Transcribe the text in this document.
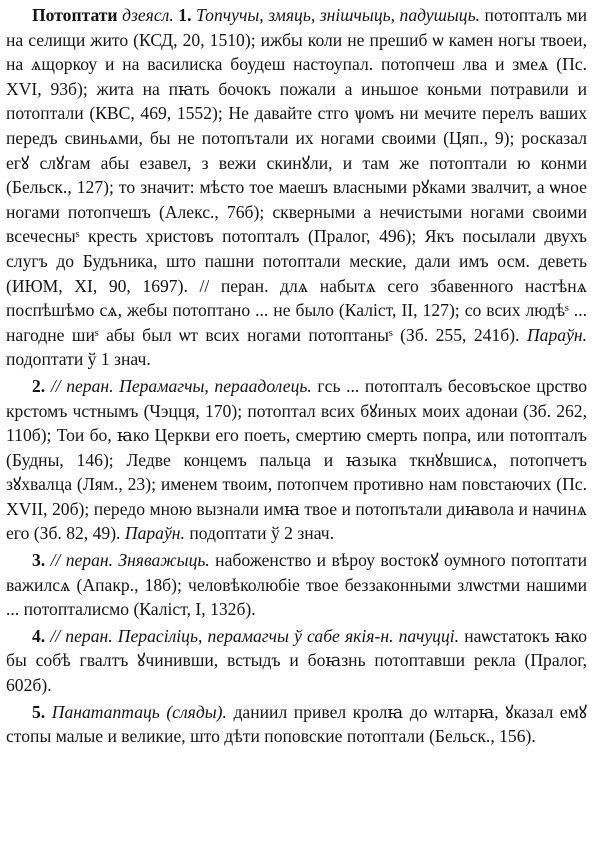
Потоптати дзеясл. 1. Топчучы, змяць, знішчыць, падушыць. потопталъ ми на селищи жито (КСД, 20, 1510); ижбы коли не прешиб ѡ камен ногы твоеи, на ѧщоркоу и на василиска боудеш настоупал. потопчеш лва и змеѧ (Пс. XVI, 93б); жита на пꙗть бочокъ пожали а иньшое коньми потравили и потоптали (КВС, 469, 1552); Не давайте стго ѱомъ ни мечите перелъ ваших передъ свиньѧми, бы не потопътали их ногами своими (Цяп., 9); росказал егꙋ слꙋгам абы езавел, з вежи скинꙋли, и там же потоптали ю конми (Бельск., 127); то значит: мѣсто тое маешъ власными рꙋками звалчит, а ѡное ногами потопчешъ (Алекс., 76б); скверными а нечистыми ногами своими всечесныˢ кресть христовъ потопталъ (Пралог, 496); Якъ посылали двухъ слугъ до Будъника, што пашни потоптали меские, дали имъ осм. деветь (ИЮМ, XI, 90, 1697). // перан. длѧ набытѧ сего збавенного настѣнѧ поспѣшѣмо сѧ, жебы потоптано ... не было (Каліст, II, 127); со всих людѣˢ ... нагодне шиˢ абы был ѡт всих ногами потоптаныˢ (Зб. 255, 241б). Параўн. подоптати ў 1 знач.

2. // перан. Перамагчы, пераадолець. гсь ... потопталъ бесовъское црство крстомъ чстнымъ (Чэцця, 170); потоптал всих бꙋиных моих адонаи (Зб. 262, 110б); Тои бо, ꙗко Церкви его поеть, смертию смерть попра, или потопталъ (Будны, 146); Ледве концемъ пальца и ꙗзыка ткнꙋвшисѧ, потопчетъ зꙋхвалца (Лям., 23); именем твоим, потопчем противно нам повстаючих (Пс. XVII, 20б); передо мною вызнали имꙗ твое и потопътали диꙗвола и начинѧ его (Зб. 82, 49). Параўн. подоптати ў 2 знач.

3. // перан. Зняважыць. набоженство и вѣроу востокꙋ оумного потоптати важилсѧ (Апакр., 18б); человѣколюбіе твое беззаконными злѡстми нашими ... потопталисмо (Каліст, I, 132б).

4. // перан. Перасіліць, перамагчы ў сабе якія-н. пачуцці. наѡстатокъ ꙗко бы собѣ гвалтъ ꙋчинивши, встыдъ и боꙗзнь потоптавши рекла (Пралог, 602б).

5. Панатаптаць (сляды). даниил привел кролꙗ до ѡлтарꙗ, ꙋказал емꙋ стопы малые и великие, што дѣти поповские потоптали (Бельск., 156).
